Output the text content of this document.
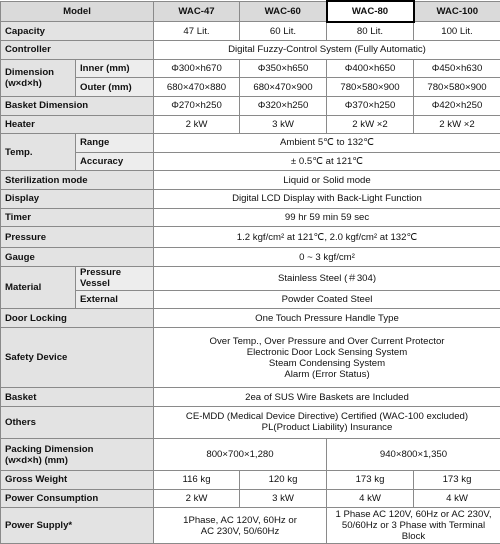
Model		WAC-47	WAC-60	WAC-80	WAC-100
Capacity		47 Lit.	60 Lit.	80 Lit.	100 Lit.
Controller		Digital Fuzzy-Control System (Fully Automatic)			

Dimension
(w×d×h)	Inner (mm)	Φ300×h670	Φ350×h650	Φ400×h650	Φ450×h630
	Outer (mm)	680×470×880	680×470×900	780×580×900	780×580×900
Basket Dimension		Φ270×h250	Φ320×h250	Φ370×h250	Φ420×h250
Heater		2 kW	3 kW	2 kW ×2	2 kW ×2
Temp.	Range	Ambient 5℃ to 132℃			
	Accuracy	± 0.5℃ at 121℃			
Sterilization mode		Liquid or Solid mode			
Display		Digital LCD Display with Back-Light Function			
Timer		99 hr 59 min 59 sec			
Pressure		1.2 kgf/cm² at 121℃, 2.0 kgf/cm² at 132℃			
Gauge		0 ~ 3 kgf/cm²			
Material	Pressure Vessel	Stainless Steel (＃304)			
	External	Powder Coated Steel			
Door Locking		One Touch Pressure Handle Type			
Safety Device		Over Temp., Over Pressure and Over Current Protector
Electronic Door Lock Sensing System
Steam Condensing System
Alarm (Error Status)			

Basket		2ea of SUS Wire Baskets are Included			
Others		CE-MDD (Medical Device Directive) Certified (WAC-100 excluded)
PL(Product Liability) Insurance			

Packing Dimension
(w×d×h) (mm)		800×700×1,280		940×800×1,350	
Gross Weight		116 kg	120 kg	173 kg	173 kg
Power Consumption		2 kW	3 kW	4 kW	4 kW
Power Supply*		1Phase, AC 120V, 60Hz or
AC 230V, 50/60Hz		1 Phase AC 120V, 60Hz or AC 230V,
50/60Hz or 3 Phase with Terminal Block	
